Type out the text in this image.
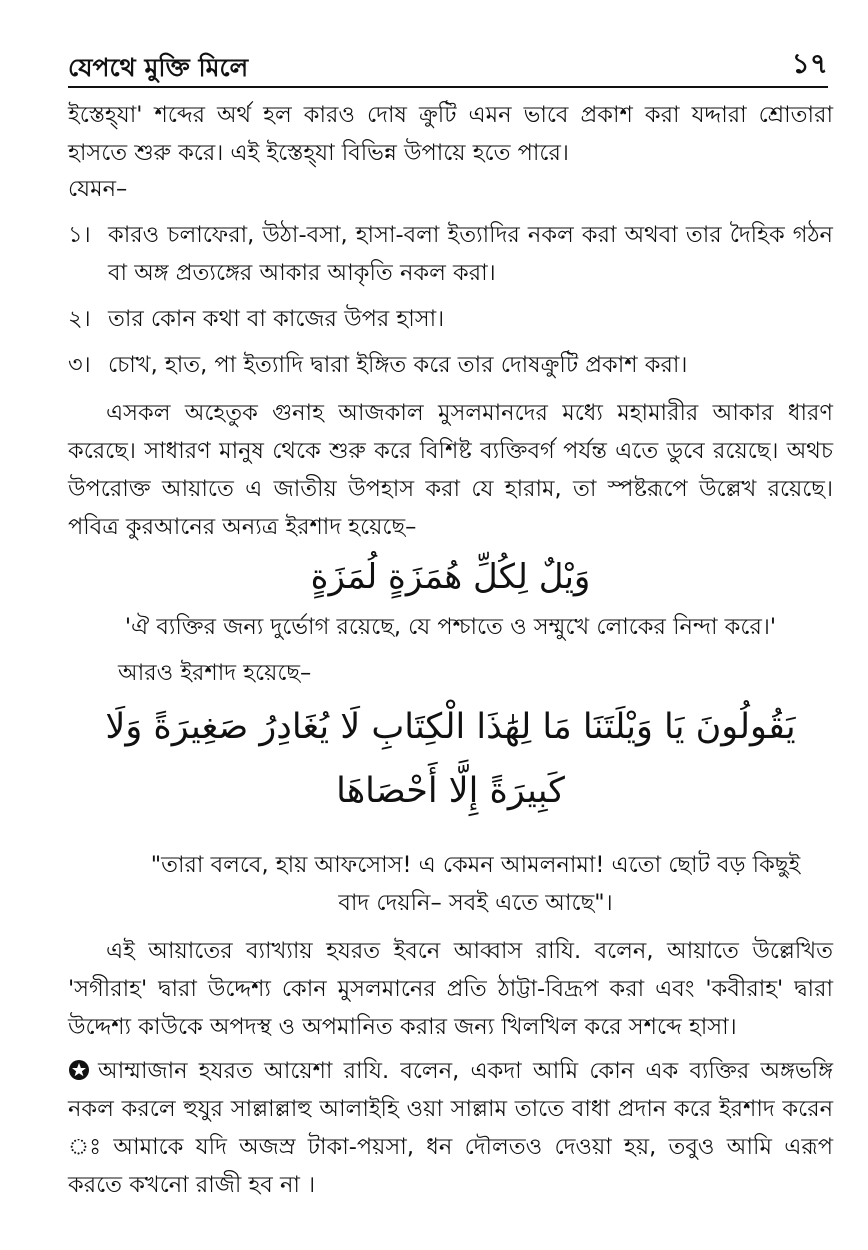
যেপথে মুক্তি মিলে	১৭

ইস্তেহ্‌যা' শব্দের অর্থ হল কারও দোষ ক্রুটি এমন ভাবে প্রকাশ করা যদ্দারা শ্রোতারা হাসতে শুরু করে। এই ইস্তেহ্‌যা বিভিন্ন উপায়ে হতে পারে।

যেমন–

১। কারও চলাফেরা, উঠা-বসা, হাসা-বলা ইত্যাদির নকল করা অথবা তার দৈহিক গঠন বা অঙ্গ প্রত্যঙ্গের আকার আকৃতি নকল করা।
২। তার কোন কথা বা কাজের উপর হাসা।
৩। চোখ, হাত, পা ইত্যাদি দ্বারা ইঙ্গিত করে তার দোষক্রুটি প্রকাশ করা।

এসকল অহেতুক গুনাহ আজকাল মুসলমানদের মধ্যে মহামারীর আকার ধারণ করেছে। সাধারণ মানুষ থেকে শুরু করে বিশিষ্ট ব্যক্তিবর্গ পর্যন্ত এতে ডুবে রয়েছে। অথচ উপরোক্ত আয়াতে এ জাতীয় উপহাস করা যে হারাম, তা স্পষ্টরূপে উল্লেখ রয়েছে। পবিত্র কুরআনের অন্যত্র ইরশাদ হয়েছে–

وَيْلٌ لِكُلِّ هُمَزَةٍ لُمَزَةٍ

'ঐ ব্যক্তির জন্য দুর্ভোগ রয়েছে, যে পশ্চাতে ও সম্মুখে লোকের নিন্দা করে।'

আরও ইরশাদ হয়েছে–

يَقُولُونَ يَا وَيْلَتَنَا مَا لِهَٰذَا الْكِتَابِ لَا يُغَادِرُ صَغِيرَةً وَلَا

كَبِيرَةً إِلَّا أَحْصَاهَا

"তারা বলবে, হায় আফসোস! এ কেমন আমলনামা! এতো ছোট বড় কিছুই

বাদ দেয়নি– সবই এতে আছে"।

এই আয়াতের ব্যাখ্যায় হযরত ইবনে আব্বাস রাযি. বলেন, আয়াতে উল্লেখিত 'সগীরাহ' দ্বারা উদ্দেশ্য কোন মুসলমানের প্রতি ঠাট্টা-বিদ্রূপ করা এবং 'কবীরাহ' দ্বারা উদ্দেশ্য কাউকে অপদস্থ ও অপমানিত করার জন্য খিলখিল করে সশব্দে হাসা।

আম্মাজান হযরত আয়েশা রাযি. বলেন, একদা আমি কোন এক ব্যক্তির অঙ্গভঙ্গি নকল করলে হুযুর সাল্লাল্লাহু আলাইহি ওয়া সাল্লাম তাতে বাধা প্রদান করে ইরশাদ করেন ঃ আমাকে যদি অজস্র টাকা-পয়সা, ধন দৌলতও দেওয়া হয়, তবুও আমি এরূপ করতে কখনো রাজী হব না ।
